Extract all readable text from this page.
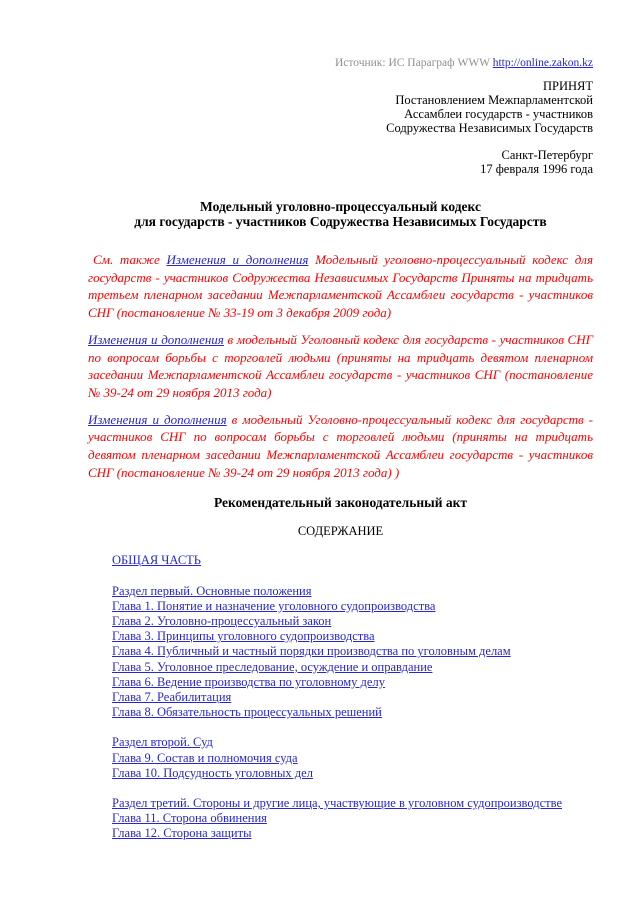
Источник: ИС Параграф WWW http://online.zakon.kz
ПРИНЯТ
Постановлением Межпарламентской
Ассамблеи государств - участников
Содружества Независимых Государств
Санкт-Петербург
17 февраля 1996 года
Модельный уголовно-процессуальный кодекс
для государств - участников Содружества Независимых Государств

См. также Изменения и дополнения Модельный уголовно-процессуальный кодекс для государств - участников Содружества Независимых Государств Приняты на тридцать третьем пленарном заседании Межпарламентской Ассамблеи государств - участников СНГ (постановление № 33-19 от 3 декабря 2009 года)

Изменения и дополнения в модельный Уголовный кодекс для государств - участников СНГ по вопросам борьбы с торговлей людьми (приняты на тридцать девятом пленарном заседании Межпарламентской Ассамблеи государств - участников СНГ (постановление № 39-24 от 29 ноября 2013 года)

Изменения и дополнения в модельный Уголовно-процессуальный кодекс для государств - участников СНГ по вопросам борьбы с торговлей людьми (приняты на тридцать девятом пленарном заседании Межпарламентской Ассамблеи государств - участников СНГ (постановление № 39-24 от 29 ноября 2013 года) )

Рекомендательный законодательный акт
СОДЕРЖАНИЕ
ОБЩАЯ ЧАСТЬ
Раздел первый. Основные положения
Глава 1. Понятие и назначение уголовного судопроизводства
Глава 2. Уголовно-процессуальный закон
Глава 3. Принципы уголовного судопроизводства
Глава 4. Публичный и частный порядки производства по уголовным делам
Глава 5. Уголовное преследование, осуждение и оправдание
Глава 6. Ведение производства по уголовному делу
Глава 7. Реабилитация
Глава 8. Обязательность процессуальных решений
Раздел второй. Суд
Глава 9. Состав и полномочия суда
Глава 10. Подсудность уголовных дел
Раздел третий. Стороны и другие лица, участвующие в уголовном судопроизводстве
Глава 11. Сторона обвинения
Глава 12. Сторона защиты
